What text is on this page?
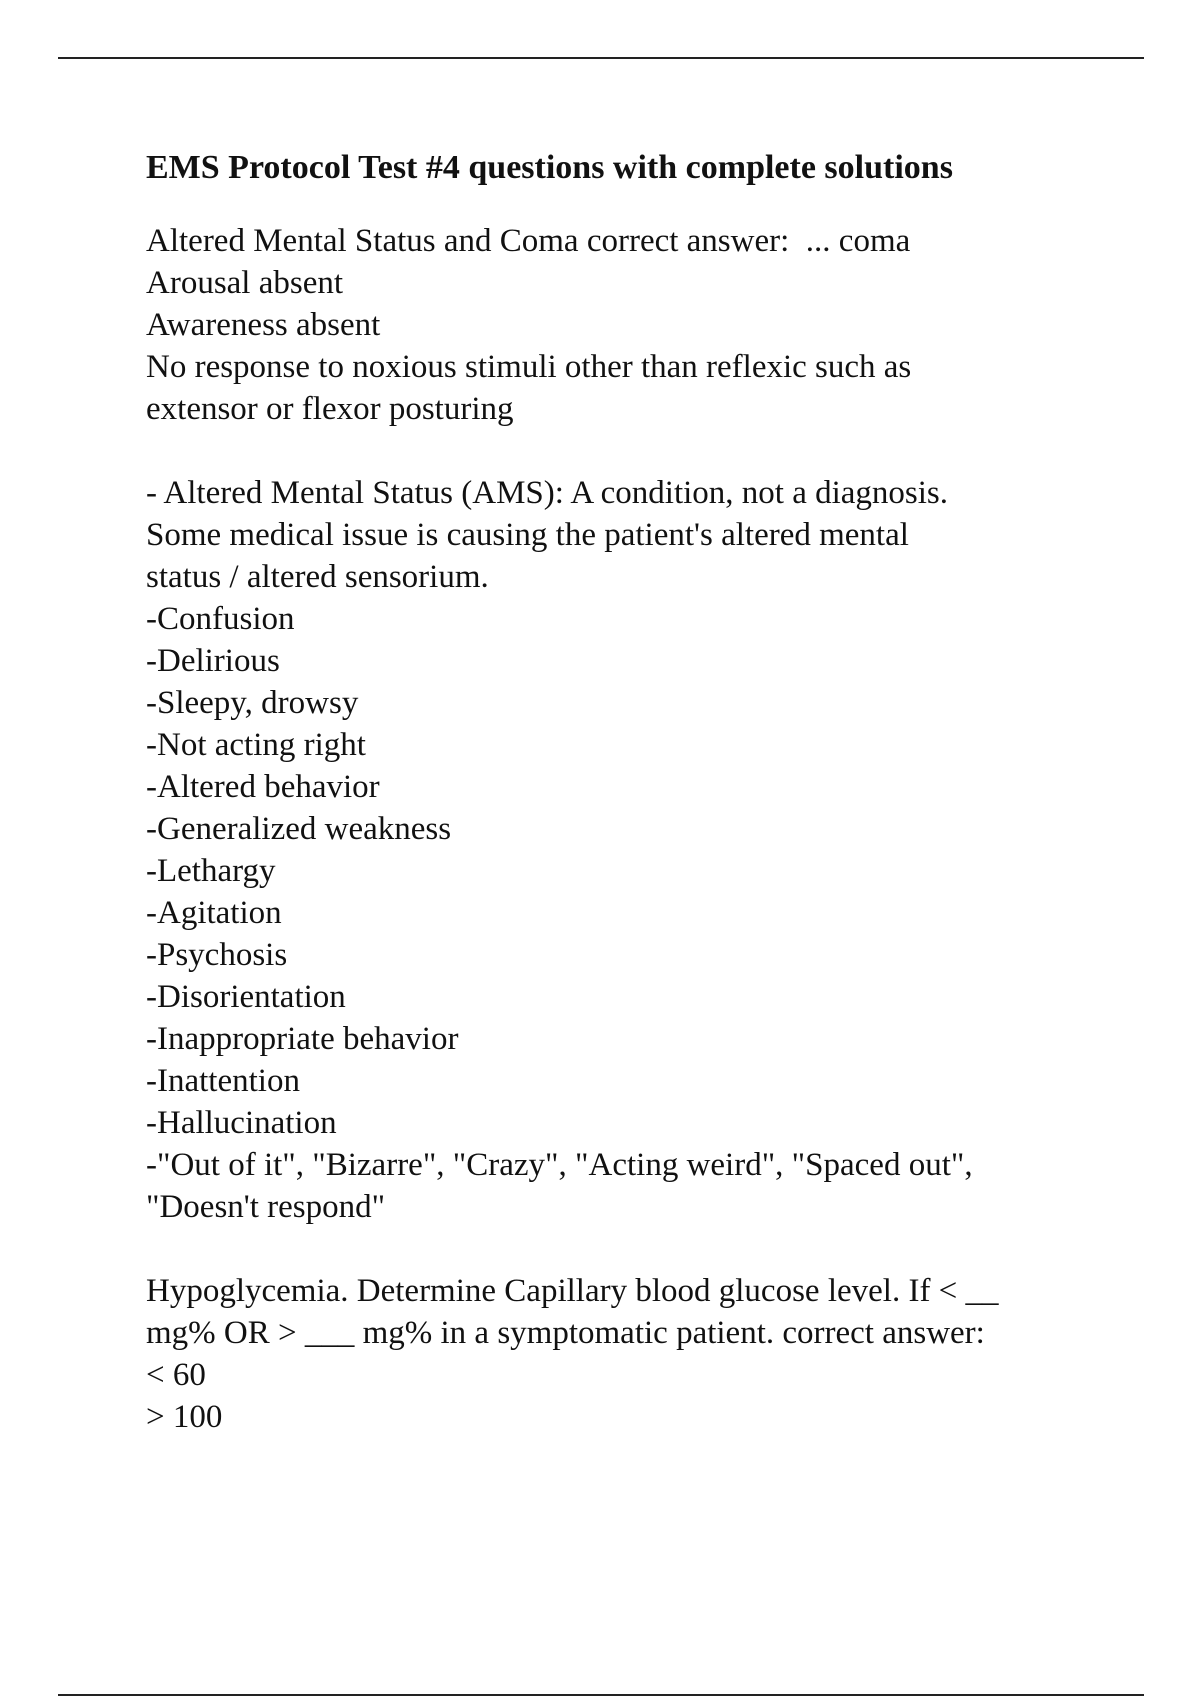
EMS Protocol Test #4 questions with complete solutions
Altered Mental Status and Coma correct answer:  ... coma
Arousal absent
Awareness absent
No response to noxious stimuli other than reflexic such as
extensor or flexor posturing
- Altered Mental Status (AMS): A condition, not a diagnosis.
Some medical issue is causing the patient's altered mental
status / altered sensorium.
-Confusion
-Delirious
-Sleepy, drowsy
-Not acting right
-Altered behavior
-Generalized weakness
-Lethargy
-Agitation
-Psychosis
-Disorientation
-Inappropriate behavior
-Inattention
-Hallucination
-"Out of it", "Bizarre", "Crazy", "Acting weird", "Spaced out",
"Doesn't respond"
Hypoglycemia. Determine Capillary blood glucose level. If < __
mg% OR > ___ mg% in a symptomatic patient. correct answer:
< 60
> 100
